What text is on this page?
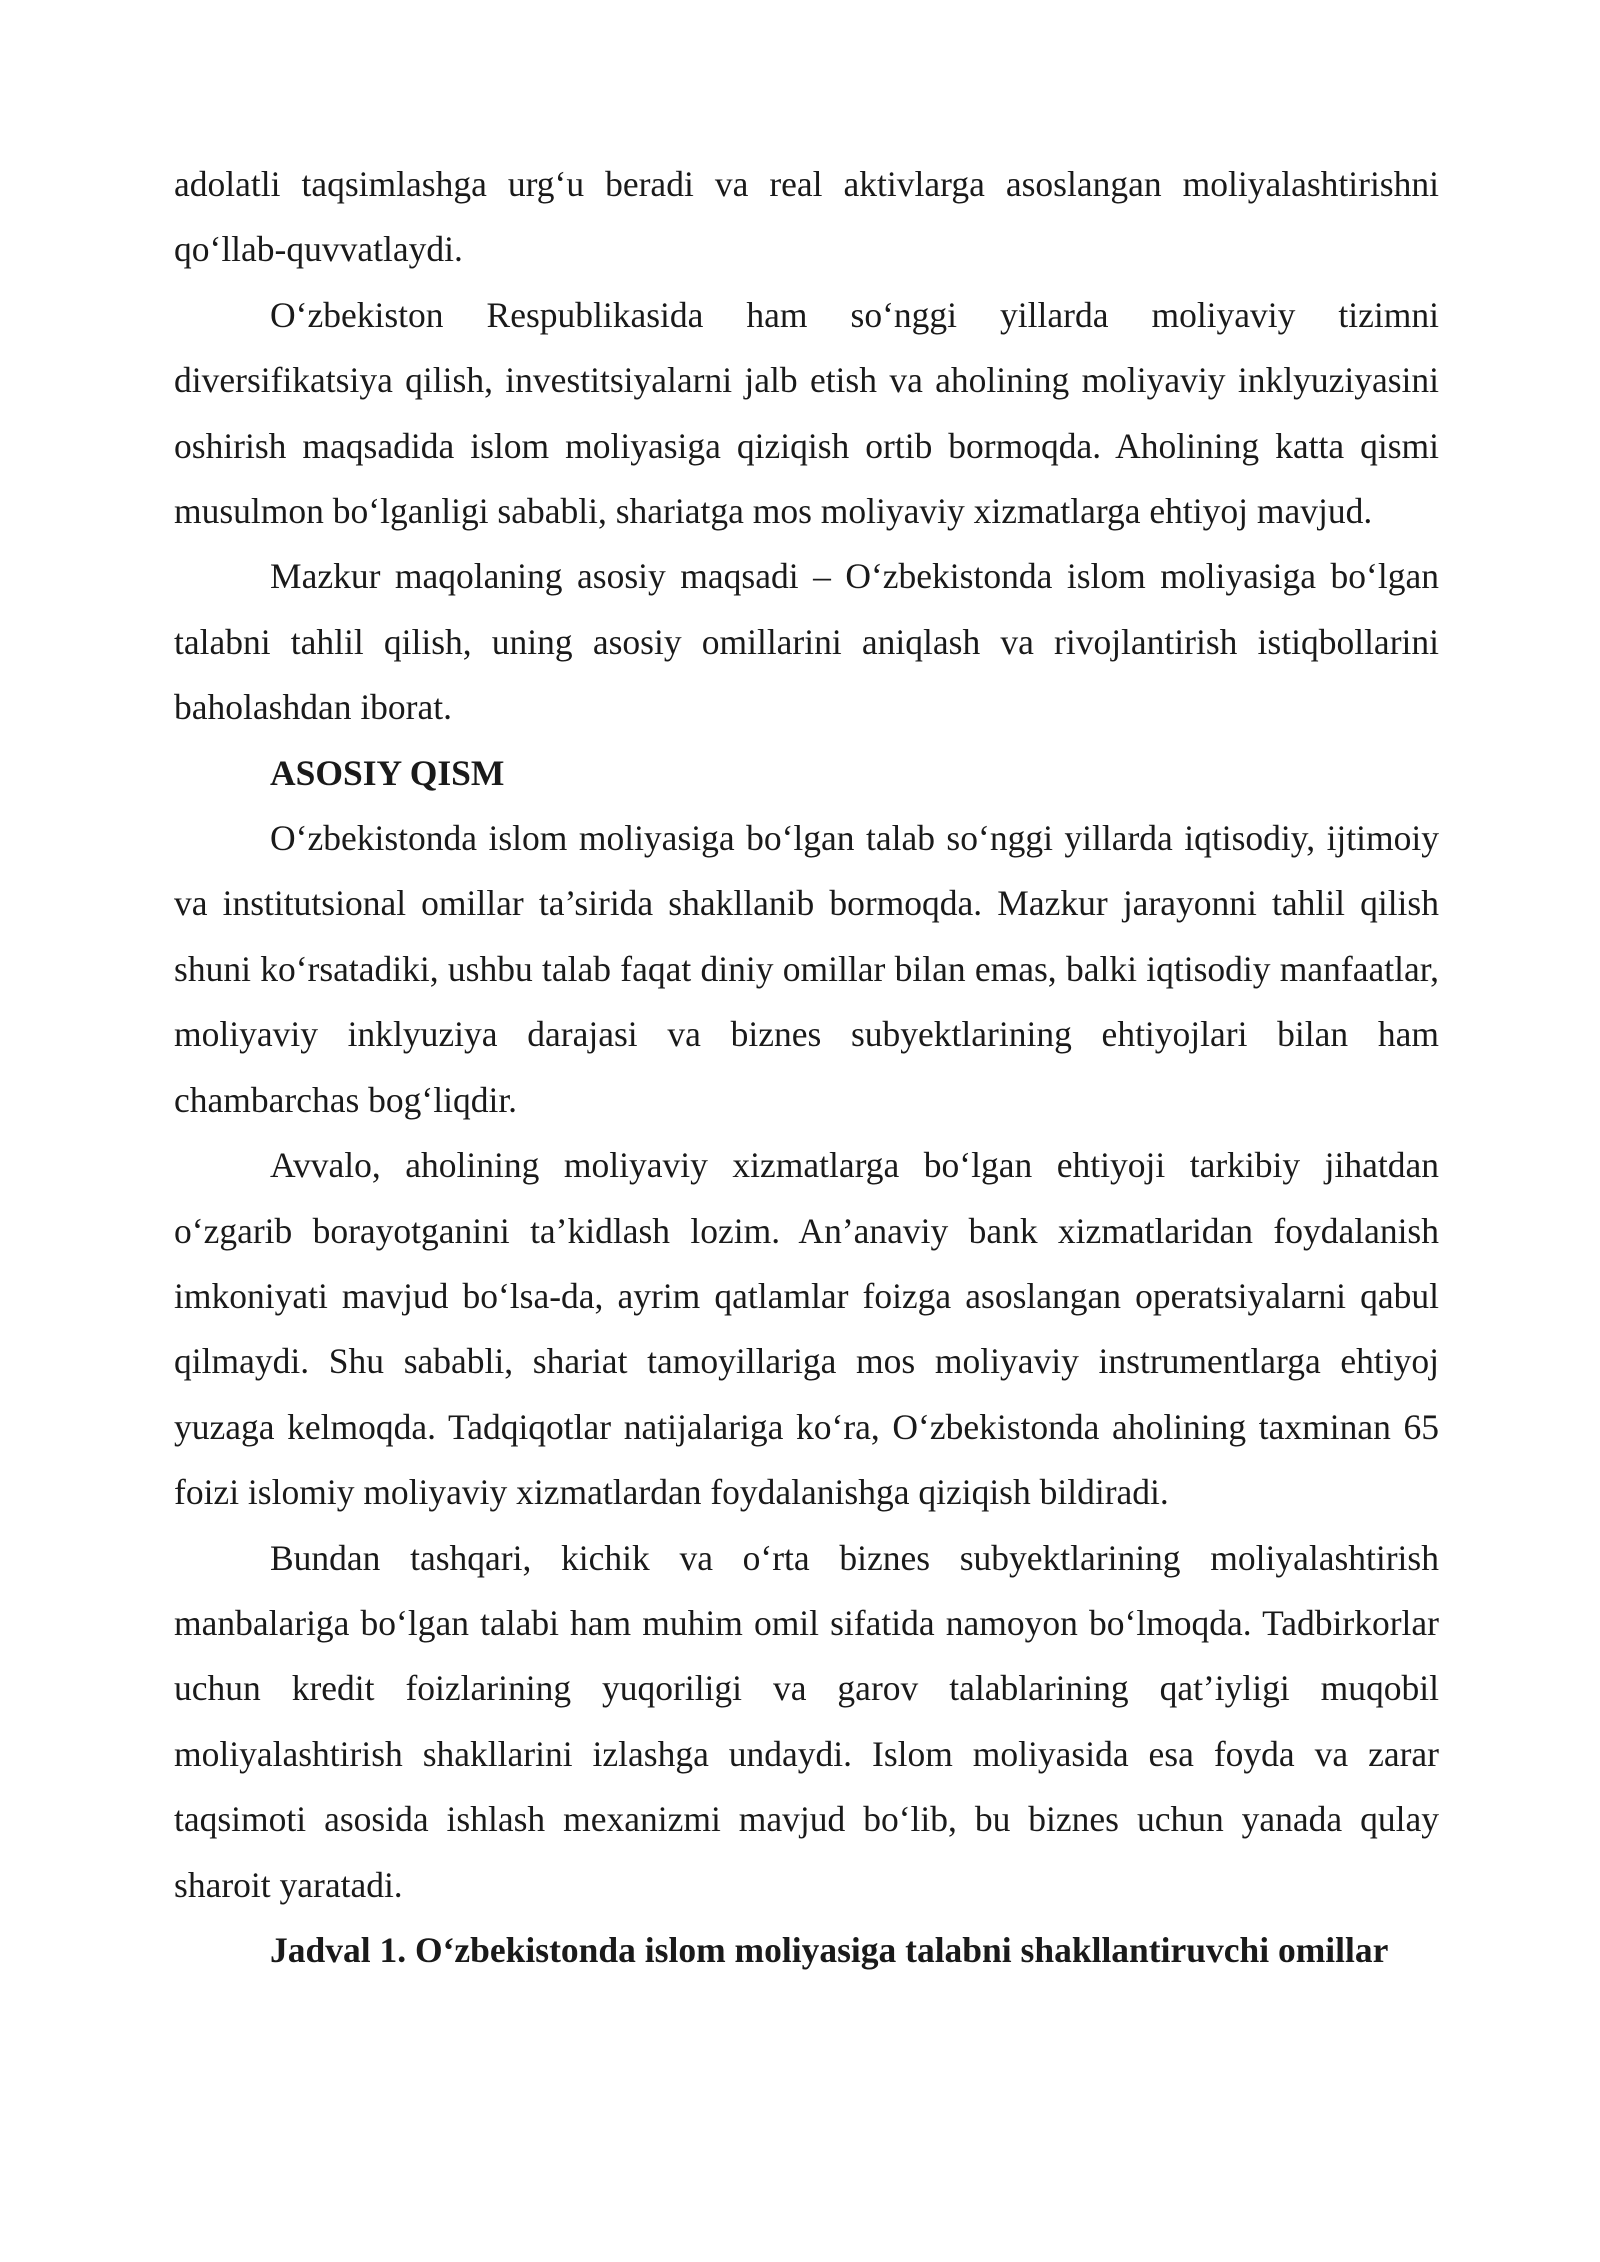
adolatli taqsimlashga urg‘u beradi va real aktivlarga asoslangan moliyalashtirishni qo‘llab-quvvatlaydi.

O‘zbekiston Respublikasida ham so‘nggi yillarda moliyaviy tizimni diversifikatsiya qilish, investitsiyalarni jalb etish va aholining moliyaviy inklyuziyasini oshirish maqsadida islom moliyasiga qiziqish ortib bormoqda. Aholining katta qismi musulmon bo‘lganligi sababli, shariatga mos moliyaviy xizmatlarga ehtiyoj mavjud.

Mazkur maqolaning asosiy maqsadi – O‘zbekistonda islom moliyasiga bo‘lgan talabni tahlil qilish, uning asosiy omillarini aniqlash va rivojlantirish istiqbollarini baholashdan iborat.

ASOSIY QISM

O‘zbekistonda islom moliyasiga bo‘lgan talab so‘nggi yillarda iqtisodiy, ijtimoiy va institutsional omillar ta’sirida shakllanib bormoqda. Mazkur jarayonni tahlil qilish shuni ko‘rsatadiki, ushbu talab faqat diniy omillar bilan emas, balki iqtisodiy manfaatlar, moliyaviy inklyuziya darajasi va biznes subyektlarining ehtiyojlari bilan ham chambarchas bog‘liqdir.

Avvalo, aholining moliyaviy xizmatlarga bo‘lgan ehtiyoji tarkibiy jihatdan o‘zgarib borayotganini ta’kidlash lozim. An’anaviy bank xizmatlaridan foydalanish imkoniyati mavjud bo‘lsa-da, ayrim qatlamlar foizga asoslangan operatsiyalarni qabul qilmaydi. Shu sababli, shariat tamoyillariga mos moliyaviy instrumentlarga ehtiyoj yuzaga kelmoqda. Tadqiqotlar natijalariga ko‘ra, O‘zbekistonda aholining taxminan 65 foizi islomiy moliyaviy xizmatlardan foydalanishga qiziqish bildiradi.

Bundan tashqari, kichik va o‘rta biznes subyektlarining moliyalashtirish manbalariga bo‘lgan talabi ham muhim omil sifatida namoyon bo‘lmoqda. Tadbirkorlar uchun kredit foizlarining yuqoriligi va garov talablarining qat’iyligi muqobil moliyalashtirish shakllarini izlashga undaydi. Islom moliyasida esa foyda va zarar taqsimoti asosida ishlash mexanizmi mavjud bo‘lib, bu biznes uchun yanada qulay sharoit yaratadi.

Jadval 1. O‘zbekistonda islom moliyasiga talabni shakllantiruvchi omillar
